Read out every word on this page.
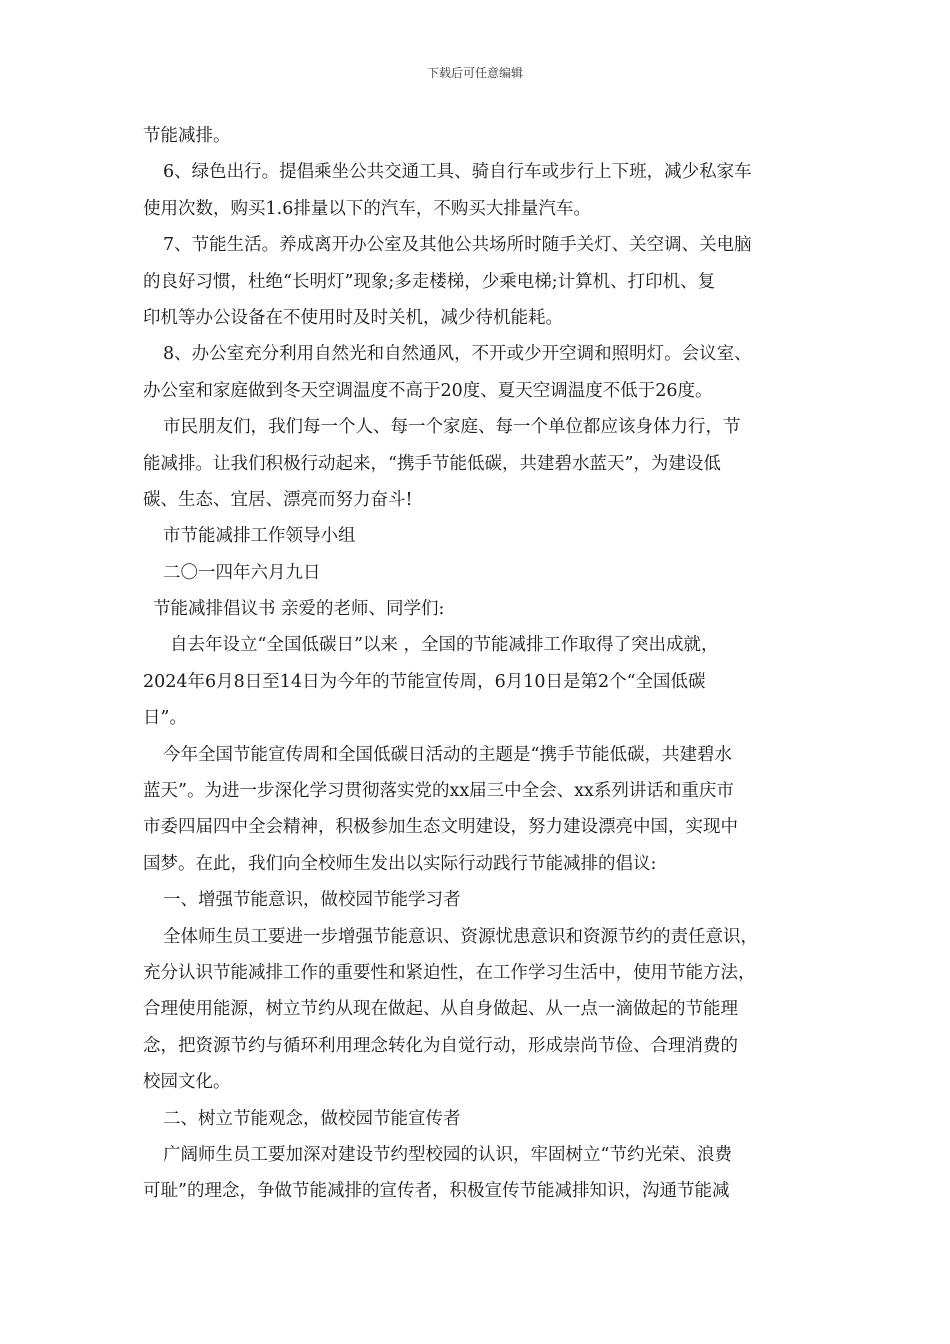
下载后可任意编辑
节能减排。
6、绿色出行。提倡乘坐公共交通工具、骑自行车或步行上下班，减少私家车
使用次数，购买1.6排量以下的汽车，不购买大排量汽车。
7、节能生活。养成离开办公室及其他公共场所时随手关灯、关空调、关电脑
的良好习惯，杜绝“长明灯”现象;多走楼梯，少乘电梯;计算机、打印机、复
印机等办公设备在不使用时及时关机，减少待机能耗。
8、办公室充分利用自然光和自然通风，不开或少开空调和照明灯。会议室、
办公室和家庭做到冬天空调温度不高于20度、夏天空调温度不低于26度。
市民朋友们，我们每一个人、每一个家庭、每一个单位都应该身体力行，节
能减排。让我们积极行动起来，“携手节能低碳，共建碧水蓝天”，为建设低
碳、生态、宜居、漂亮而努力奋斗!
市节能减排工作领导小组
二〇一四年六月九日
节能减排倡议书 亲爱的老师、同学们:
自去年设立“全国低碳日”以来 ，全国的节能减排工作取得了突出成就，
2024年6月8日至14日为今年的节能宣传周，6月10日是第2个“全国低碳
日”。
今年全国节能宣传周和全国低碳日活动的主题是“携手节能低碳，共建碧水
蓝天”。为进一步深化学习贯彻落实党的xx届三中全会、xx系列讲话和重庆市
市委四届四中全会精神，积极参加生态文明建设，努力建设漂亮中国，实现中
国梦。在此，我们向全校师生发出以实际行动践行节能减排的倡议:
一、增强节能意识，做校园节能学习者
全体师生员工要进一步增强节能意识、资源忧患意识和资源节约的责任意识，
充分认识节能减排工作的重要性和紧迫性，在工作学习生活中，使用节能方法，
合理使用能源，树立节约从现在做起、从自身做起、从一点一滴做起的节能理
念，把资源节约与循环利用理念转化为自觉行动，形成崇尚节俭、合理消费的
校园文化。
二、树立节能观念，做校园节能宣传者
广阔师生员工要加深对建设节约型校园的认识，牢固树立“节约光荣、浪费
可耻”的理念，争做节能减排的宣传者，积极宣传节能减排知识，沟通节能减
